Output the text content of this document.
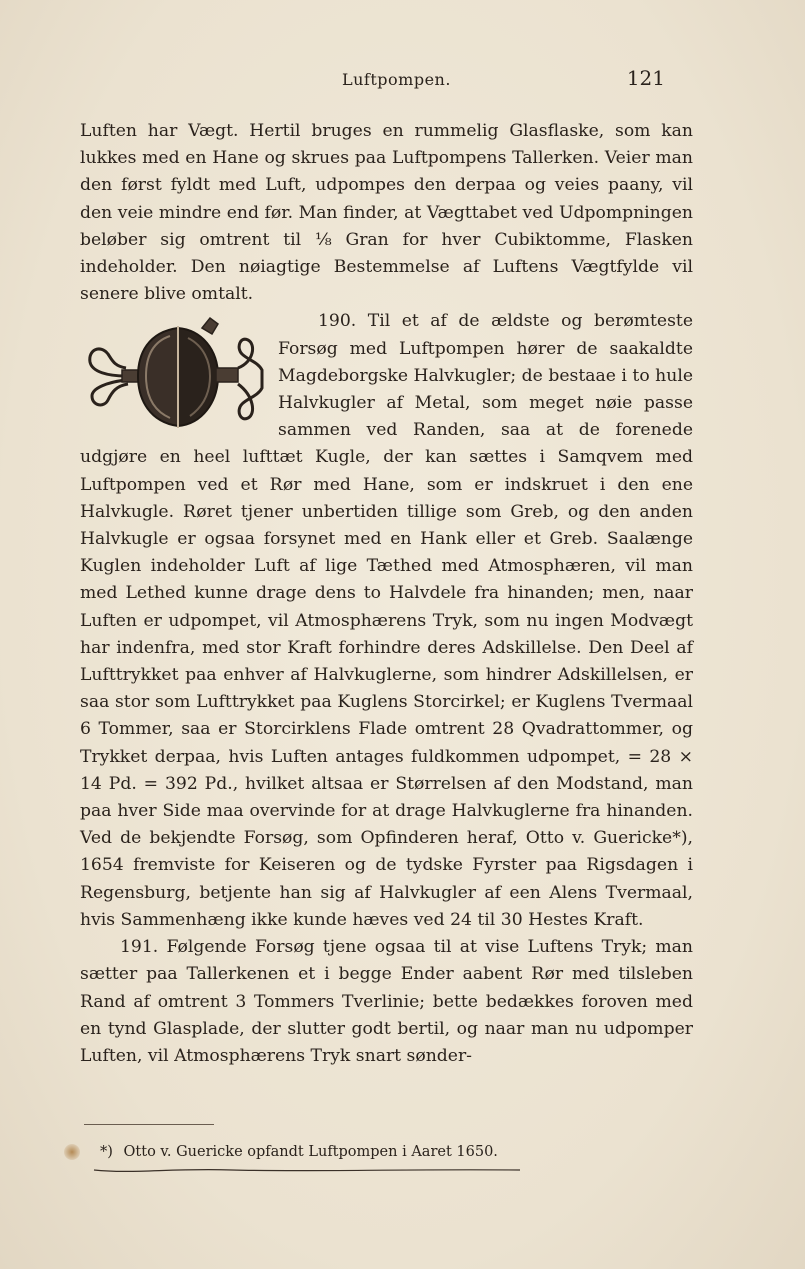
Luftpompen.	121

Luften har Vægt. Hertil bruges en rummelig Glasflaske, som kan lukkes med en Hane og skrues paa Luftpompens Tallerken. Veier man den først fyldt med Luft, udpompes den derpaa og veies paany, vil den veie mindre end før. Man finder, at Vægttabet ved Udpompningen beløber sig omtrent til ⅛ Gran for hver Cubiktomme, Flasken indeholder. Den nøiagtige Bestemmelse af Luftens Vægtfylde vil senere blive omtalt.

190. Til et af de ældste og berømteste Forsøg med Luftpompen hører de saakaldte Magdeborgske Halvkugler; de bestaae i to hule Halvkugler af Metal, som meget nøie passe sammen ved Randen, saa at de forenede udgjøre en heel lufttæt Kugle, der kan sættes i Samqvem med Luftpompen ved et Rør med Hane, som er indskruet i den ene Halvkugle. Røret tjener unbertiden tillige som Greb, og den anden Halvkugle er ogsaa forsynet med en Hank eller et Greb. Saalænge Kuglen indeholder Luft af lige Tæthed med Atmosphæren, vil man med Lethed kunne drage dens to Halvdele fra hinanden; men, naar Luften er udpompet, vil Atmosphærens Tryk, som nu ingen Modvægt har indenfra, med stor Kraft forhindre deres Adskillelse. Den Deel af Lufttrykket paa enhver af Halvkuglerne, som hindrer Adskillelsen, er saa stor som Lufttrykket paa Kuglens Storcirkel; er Kuglens Tvermaal 6 Tommer, saa er Storcirklens Flade omtrent 28 Qvadrattommer, og Trykket derpaa, hvis Luften antages fuldkommen udpompet, = 28 × 14 Pd. = 392 Pd., hvilket altsaa er Størrelsen af den Modstand, man paa hver Side maa overvinde for at drage Halvkuglerne fra hinanden. Ved de bekjendte Forsøg, som Opfinderen heraf, Otto v. Guericke*), 1654 fremviste for Keiseren og de tydske Fyrster paa Rigsdagen i Regensburg, betjente han sig af Halvkugler af een Alens Tvermaal, hvis Sammenhæng ikke kunde hæves ved 24 til 30 Hestes Kraft.

191. Følgende Forsøg tjene ogsaa til at vise Luftens Tryk; man sætter paa Tallerkenen et i begge Ender aabent Rør med tilsleben Rand af omtrent 3 Tommers Tverlinie; bette bedækkes foroven med en tynd Glasplade, der slutter godt bertil, og naar man nu udpomper Luften, vil Atmosphærens Tryk snart sønder-

*) Otto v. Guericke opfandt Luftpompen i Aaret 1650.
